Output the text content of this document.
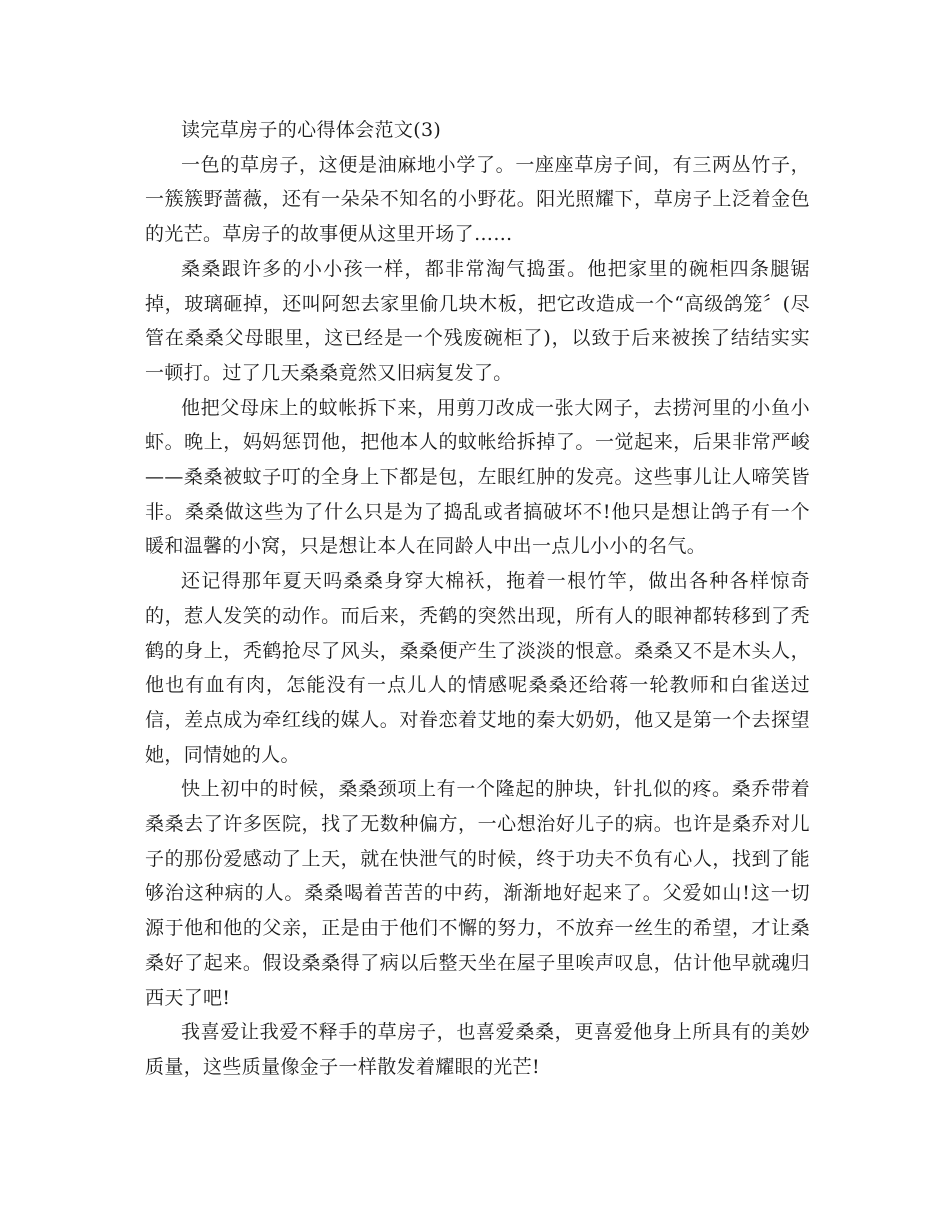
读完草房子的心得体会范文(3)

一色的草房子，这便是油麻地小学了。一座座草房子间，有三两丛竹子，一簇簇野蔷薇，还有一朵朵不知名的小野花。阳光照耀下，草房子上泛着金色的光芒。草房子的故事便从这里开场了……

桑桑跟许多的小小孩一样，都非常淘气捣蛋。他把家里的碗柜四条腿锯掉，玻璃砸掉，还叫阿恕去家里偷几块木板，把它改造成一个“高级鸽笼〞(尽管在桑桑父母眼里，这已经是一个残废碗柜了)，以致于后来被挨了结结实实一顿打。过了几天桑桑竟然又旧病复发了。

他把父母床上的蚊帐拆下来，用剪刀改成一张大网子，去捞河里的小鱼小虾。晚上，妈妈惩罚他，把他本人的蚊帐给拆掉了。一觉起来，后果非常严峻——桑桑被蚊子叮的全身上下都是包，左眼红肿的发亮。这些事儿让人啼笑皆非。桑桑做这些为了什么只是为了捣乱或者搞破坏不!他只是想让鸽子有一个暖和温馨的小窝，只是想让本人在同龄人中出一点儿小小的名气。

还记得那年夏天吗桑桑身穿大棉袄，拖着一根竹竿，做出各种各样惊奇的，惹人发笑的动作。而后来，秃鹤的突然出现，所有人的眼神都转移到了秃鹤的身上，秃鹤抢尽了风头，桑桑便产生了淡淡的恨意。桑桑又不是木头人，他也有血有肉，怎能没有一点儿人的情感呢桑桑还给蒋一轮教师和白雀送过信，差点成为牵红线的媒人。对眷恋着艾地的秦大奶奶，他又是第一个去探望她，同情她的人。

快上初中的时候，桑桑颈项上有一个隆起的肿块，针扎似的疼。桑乔带着桑桑去了许多医院，找了无数种偏方，一心想治好儿子的病。也许是桑乔对儿子的那份爱感动了上天，就在快泄气的时候，终于功夫不负有心人，找到了能够治这种病的人。桑桑喝着苦苦的中药，渐渐地好起来了。父爱如山!这一切源于他和他的父亲，正是由于他们不懈的努力，不放弃一丝生的希望，才让桑桑好了起来。假设桑桑得了病以后整天坐在屋子里唉声叹息，估计他早就魂归西天了吧!

我喜爱让我爱不释手的草房子，也喜爱桑桑，更喜爱他身上所具有的美妙质量，这些质量像金子一样散发着耀眼的光芒!
